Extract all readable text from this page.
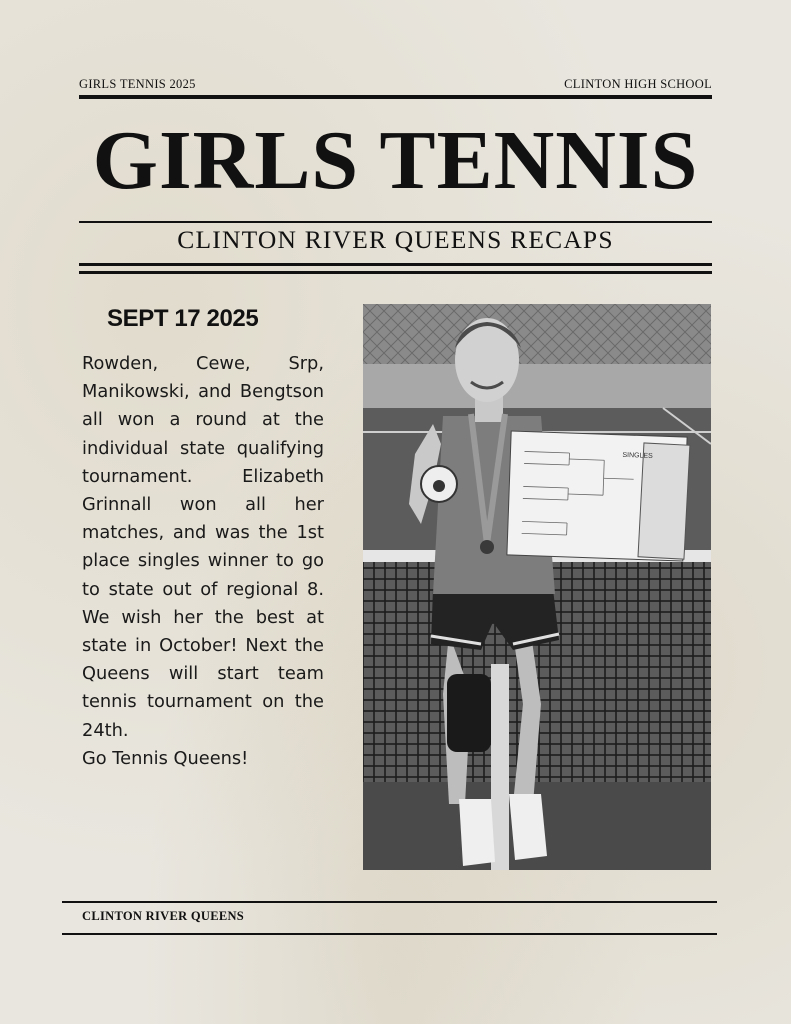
GIRLS TENNIS 2025	CLINTON HIGH SCHOOL
GIRLS TENNIS
CLINTON RIVER QUEENS RECAPS
SEPT 17 2025

Rowden, Cewe, Srp, Manikowski, and Bengtson all won a round at the individual state qualifying tournament. Elizabeth Grinnall won all her matches, and was the 1st place singles winner to go to state out of regional 8. We wish her the best at state in October! Next the Queens will start team tennis tournament on the 24th.

Go Tennis Queens!

SINGLES
CLINTON RIVER QUEENS
